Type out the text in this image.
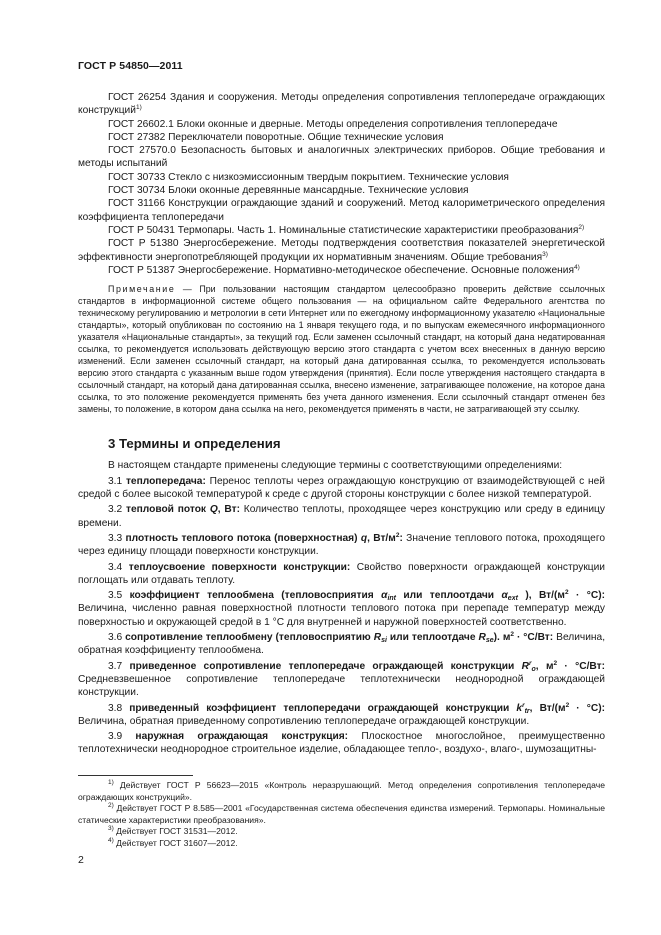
ГОСТ Р 54850—2011

ГОСТ 26254 Здания и сооружения. Методы определения сопротивления теплопередаче ограждающих конструкций$^{1)}$

ГОСТ 26602.1 Блоки оконные и дверные. Методы определения сопротивления теплопередаче

ГОСТ 27382 Переключатели поворотные. Общие технические условия

ГОСТ 27570.0 Безопасность бытовых и аналогичных электрических приборов. Общие требования и методы испытаний

ГОСТ 30733 Стекло с низкоэмиссионным твердым покрытием. Технические условия

ГОСТ 30734 Блоки оконные деревянные мансардные. Технические условия

ГОСТ 31166 Конструкции ограждающие зданий и сооружений. Метод калориметрического определения коэффициента теплопередачи

ГОСТ Р 50431 Термопары. Часть 1. Номинальные статистические характеристики преобразования$^{2)}$

ГОСТ Р 51380 Энергосбережение. Методы подтверждения соответствия показателей энергетической эффективности энергопотребляющей продукции их нормативным значениям. Общие требования$^{3)}$

ГОСТ Р 51387 Энергосбережение. Нормативно-методическое обеспечение. Основные положения$^{4)}$

Примечание — При пользовании настоящим стандартом целесообразно проверить действие ссылочных стандартов в информационной системе общего пользования — на официальном сайте Федерального агентства по техническому регулированию и метрологии в сети Интернет или по ежегодному информационному указателю «Национальные стандарты», который опубликован по состоянию на 1 января текущего года, и по выпускам ежемесячного информационного указателя «Национальные стандарты», за текущий год. Если заменен ссылочный стандарт, на который дана недатированная ссылка, то рекомендуется использовать действующую версию этого стандарта с учетом всех внесенных в данную версию изменений. Если заменен ссылочный стандарт, на который дана датированная ссылка, то рекомендуется использовать версию этого стандарта с указанным выше годом утверждения (принятия). Если после утверждения настоящего стандарта в ссылочный стандарт, на который дана датированная ссылка, внесено изменение, затрагивающее положение, на которое дана ссылка, то это положение рекомендуется применять без учета данного изменения. Если ссылочный стандарт отменен без замены, то положение, в котором дана ссылка на него, рекомендуется применять в части, не затрагивающей эту ссылку.

3 Термины и определения

В настоящем стандарте применены следующие термины с соответствующими определениями:

3.1 теплопередача: Перенос теплоты через ограждающую конструкцию от взаимодействующей с ней средой с более высокой температурой к среде с другой стороны конструкции с более низкой температурой.

3.2 тепловой поток Q, Вт: Количество теплоты, проходящее через конструкцию или среду в единицу времени.

3.3 плотность теплового потока (поверхностная) q, $Вт/м^2$: Значение теплового потока, проходящего через единицу площади поверхности конструкции.

3.4 теплоусвоение поверхности конструкции: Свойство поверхности ограждающей конструкции поглощать или отдавать теплоту.

3.5 коэффициент теплообмена (тепловосприятия $\alpha_{int}$ или теплоотдачи $\alpha_{ext}$ ), $Вт/(м^2 \cdot ^\circ С)$: Величина, численно равная поверхностной плотности теплового потока при перепаде температур между поверхностью и окружающей средой в 1 °С для внутренней и наружной поверхностей соответственно.

3.6 сопротивление теплообмену (тепловосприятию $R_{si}$ или теплоотдаче $R_{se}$). $м^2 \cdot ^\circ С/Вт$: Величина, обратная коэффициенту теплообмена.

3.7 приведенное сопротивление теплопередаче ограждающей конструкции $R^r_o$, $м^2 \cdot ^\circ С/Вт$: Средневзвешенное сопротивление теплопередаче теплотехнически неоднородной ограждающей конструкции.

3.8 приведенный коэффициент теплопередачи ограждающей конструкции $k^r_{tr}$, $Вт/(м^2 \cdot ^\circ С)$: Величина, обратная приведенному сопротивлению теплопередаче ограждающей конструкции.

3.9 наружная ограждающая конструкция: Плоскостное многослойное, преимущественно теплотехнически неоднородное строительное изделие, обладающее тепло-, воздухо-, влаго-, шумозащитны-

$^{1)}$ Действует ГОСТ Р 56623—2015 «Контроль неразрушающий. Метод определения сопротивления теплопередаче ограждающих конструкций».

$^{2)}$ Действует ГОСТ Р 8.585—2001 «Государственная система обеспечения единства измерений. Термопары. Номинальные статические характеристики преобразования».

$^{3)}$ Действует ГОСТ 31531—2012.

$^{4)}$ Действует ГОСТ 31607—2012.

2
